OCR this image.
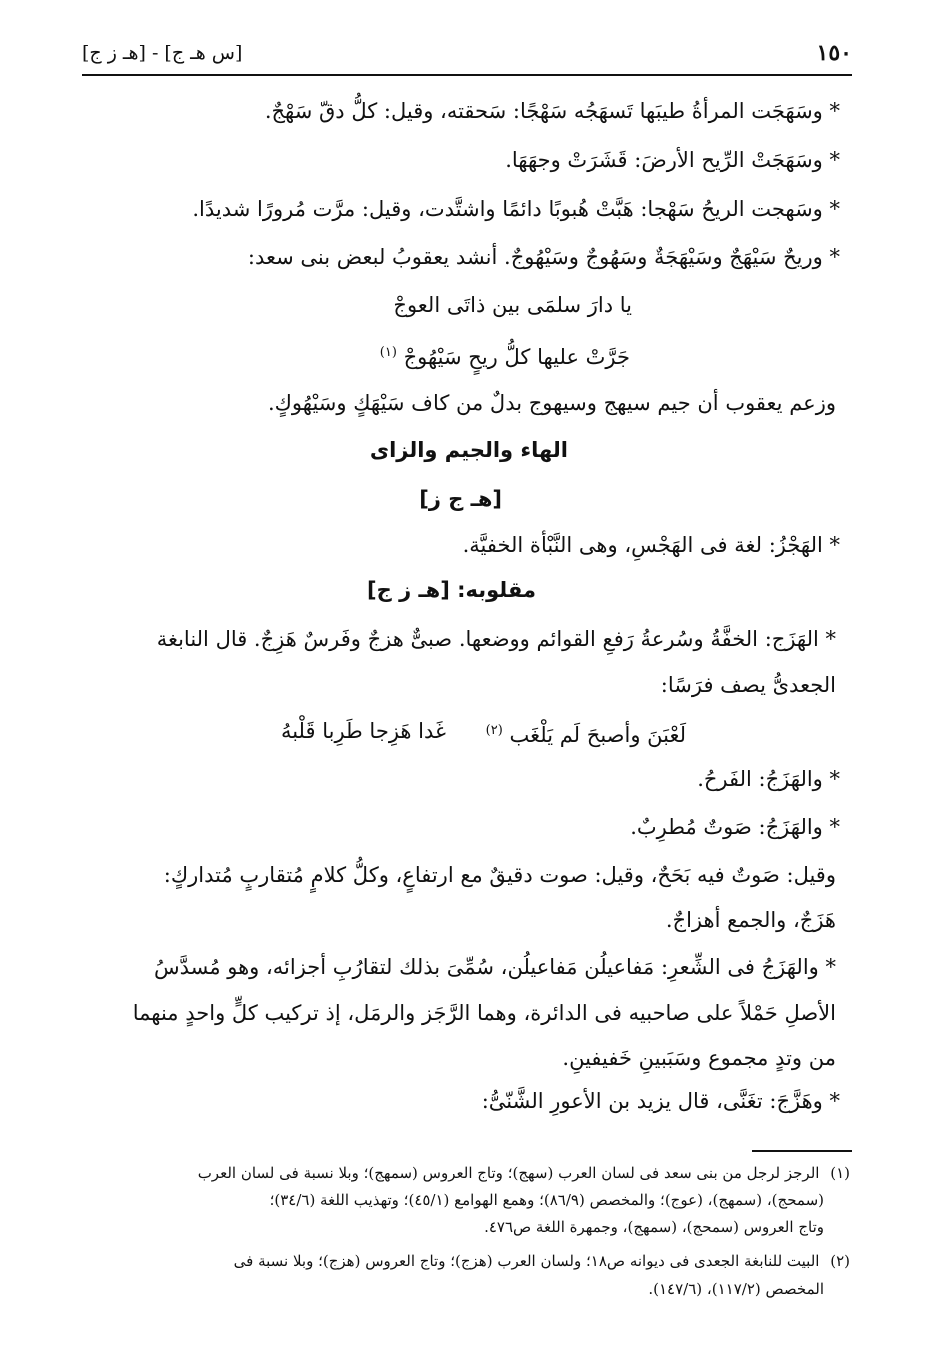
١٥٠
[س هـ ج] - [هـ ز ج]
* وسَهَجَت المرأةُ طيبَها تَسهَجُه سَهْجًا: سَحقته، وقيل: كلُّ دقّ سَهْجٌ.
* وسَهَجَتْ الرِّيح الأرضَ: قَشَرَتْ وجهَهَا.
* وسَهجت الريحُ سَهْجا: هَبَّتْ هُبوبًا دائمًا واشتَّدت، وقيل: مرَّت مُرورًا شديدًا.
* وريحٌ سَيْهَجٌ وسَيْهَجَةٌ وسَهُوجٌ وسَيْهُوجٌ. أنشد يعقوبُ لبعض بنى سعد:
يا دارَ سلمَى بين ذاتَى العوجْ
جَرَّتْ عليها كلُّ ريحٍ سَيْهُوجْ $^{(١)}$
وزعم يعقوب أن جيم سيهج وسيهوج بدلٌ من كاف سَيْهَكٍ وسَيْهُوكٍ.
الهاء والجيم والزاى
[هـ ج ز]
* الهَجْزُ: لغة فى الهَجْسِ، وهى النَّبْأة الخفيَّة.
مقلوبه: [هـ ز ج]
* الهَزَج: الخفَّةُ وسُرعةُ رَفعِ القوائم ووضعها. صبىٌّ هزجٌ وفَرسٌ هَزِجٌ. قال النابغة
الجعدىُّ يصف فرَسًا:
غَدا هَزِجا طَرِبا قَلْبهُ	لَعْبَنَ وأصبحَ لَم يَلْغَب $^{(٢)}$
* والهَزَجُ: الفَرحُ.
* والهَزَجُ: صَوتٌ مُطرِبٌ.
وقيل: صَوتٌ فيه بَحَحٌ، وقيل: صوت دقيقٌ مع ارتفاعٍ، وكلُّ كلامٍ مُتقاربٍ مُتداركٍ:
هَزَجٌ، والجمع أهزاجٌ.
* والهَزَجُ فى الشِّعرِ: مَفاعيلُن مَفاعيلُن، سُمِّىَ بذلك لتقارُبِ أجزائه، وهو مُسدَّسُ
الأصلِ حَمْلاً على صاحبيه فى الدائرة، وهما الرَّجَز والرمَل، إذ تركيب كلٍّ واحدٍ منهما
من وتدٍ مجموع وسَبَبينِ خَفيفينِ.
* وهَزَّجَ: تغَنَّى، قال يزيد بن الأعورِ الشَّنّىُّ:
(١) الرجز لرجل من بنى سعد فى لسان العرب (سهج)؛ وتاج العروس (سمهج)؛ وبلا نسبة فى لسان العرب
(سمحج)، (سمهج)، (عوج)؛ والمخصص (٨٦/٩)؛ وهمع الهوامع (٤٥/١)؛ وتهذيب اللغة (٣٤/٦)؛
وتاج العروس (سمحج)، (سمهج)، وجمهرة اللغة ص٤٧٦.
(٢) البيت للنابغة الجعدى فى ديوانه ص١٨؛ ولسان العرب (هزج)؛ وتاج العروس (هزج)؛ وبلا نسبة فى
المخصص (١١٧/٢)، (١٤٧/٦).
